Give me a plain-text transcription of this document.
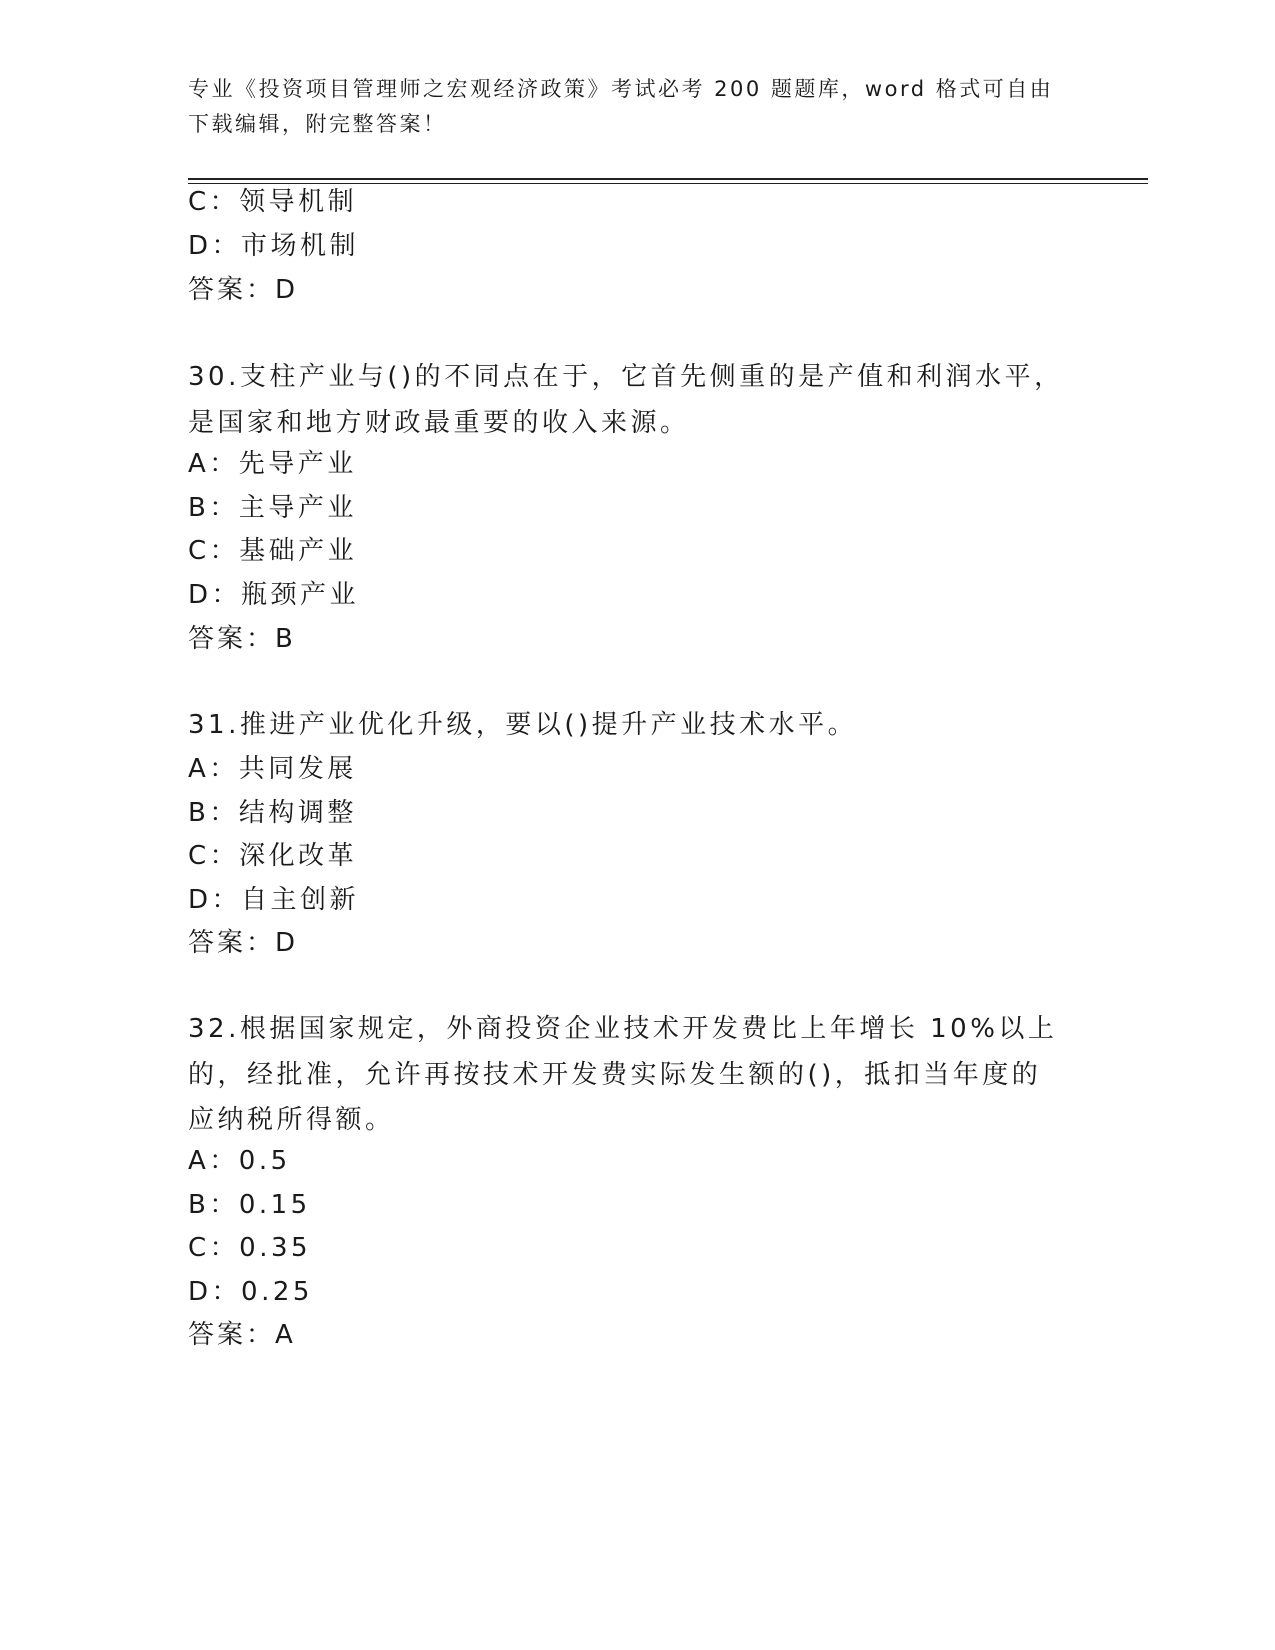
专业《投资项目管理师之宏观经济政策》考试必考 200 题题库，word 格式可自由下载编辑，附完整答案！
C：领导机制
D：市场机制
答案：D
30.支柱产业与()的不同点在于，它首先侧重的是产值和利润水平，是国家和地方财政最重要的收入来源。
A：先导产业
B：主导产业
C：基础产业
D：瓶颈产业
答案：B
31.推进产业优化升级，要以()提升产业技术水平。
A：共同发展
B：结构调整
C：深化改革
D：自主创新
答案：D
32.根据国家规定，外商投资企业技术开发费比上年增长 10%以上的，经批准，允许再按技术开发费实际发生额的()，抵扣当年度的应纳税所得额。
A：0.5
B：0.15
C：0.35
D：0.25
答案：A
